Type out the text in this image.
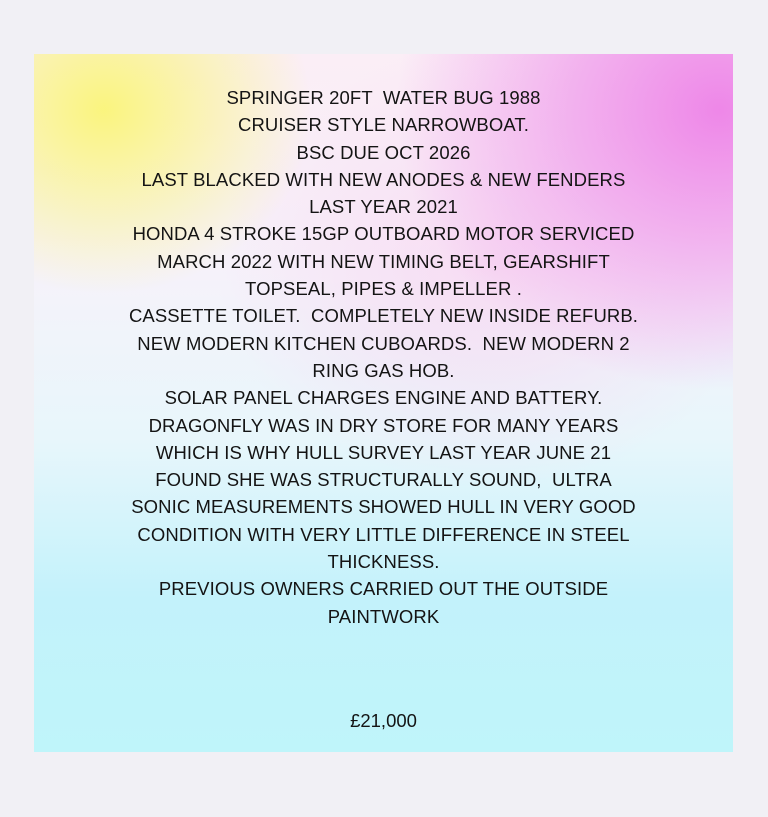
SPRINGER 20FT  WATER BUG 1988
CRUISER STYLE NARROWBOAT.
BSC DUE OCT 2026
LAST BLACKED WITH NEW ANODES & NEW FENDERS
LAST YEAR 2021
HONDA 4 STROKE 15GP OUTBOARD MOTOR SERVICED
MARCH 2022 WITH NEW TIMING BELT, GEARSHIFT
TOPSEAL, PIPES & IMPELLER .
CASSETTE TOILET.  COMPLETELY NEW INSIDE REFURB.
NEW MODERN KITCHEN CUBOARDS.  NEW MODERN 2
RING GAS HOB.
SOLAR PANEL CHARGES ENGINE AND BATTERY.
DRAGONFLY WAS IN DRY STORE FOR MANY YEARS
WHICH IS WHY HULL SURVEY LAST YEAR JUNE 21
FOUND SHE WAS STRUCTURALLY SOUND,  ULTRA
SONIC MEASUREMENTS SHOWED HULL IN VERY GOOD
CONDITION WITH VERY LITTLE DIFFERENCE IN STEEL
THICKNESS.
PREVIOUS OWNERS CARRIED OUT THE OUTSIDE
PAINTWORK
£21,000
